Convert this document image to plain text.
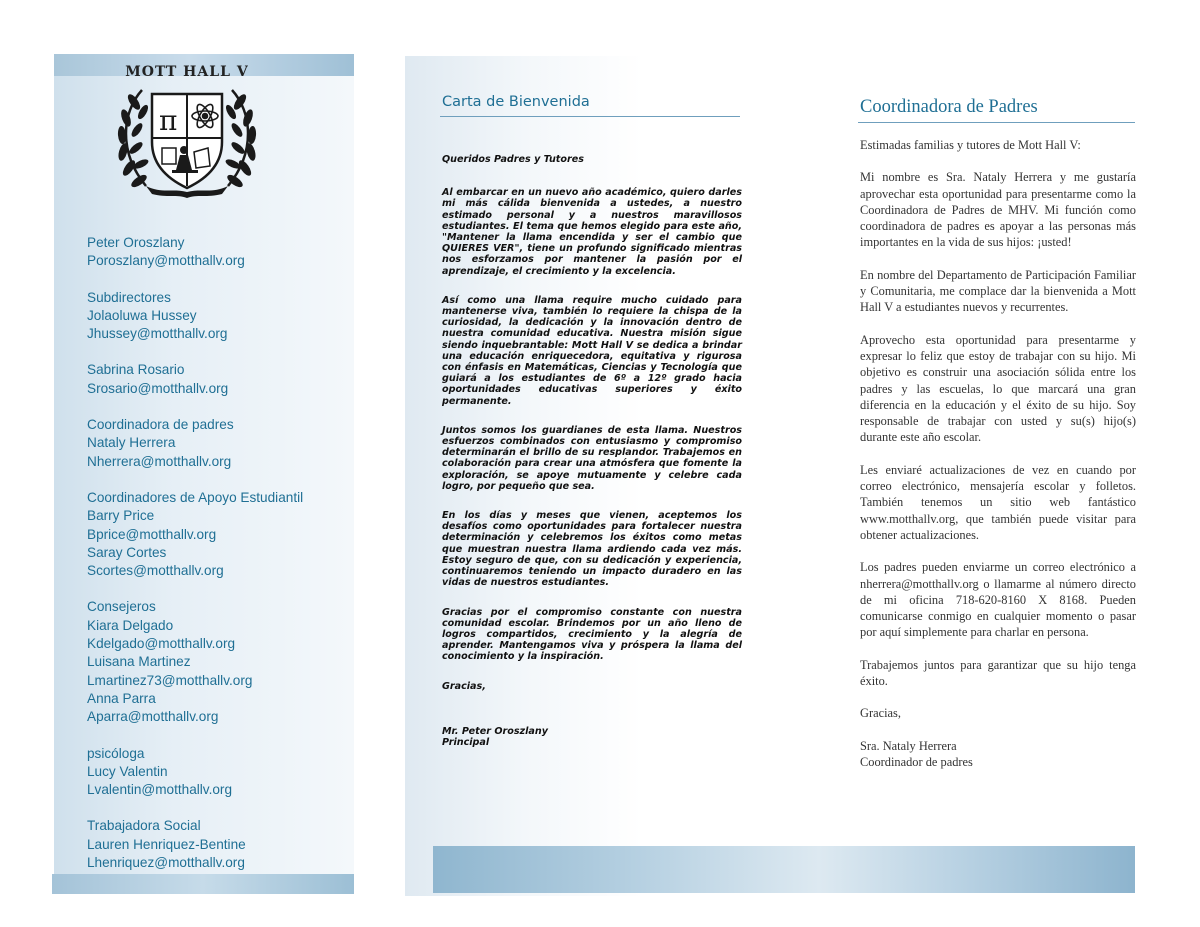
MOTT HALL V
π
Peter Oroszlany
Poroszlany@motthallv.org
Subdirectores
Jolaoluwa Hussey
Jhussey@motthallv.org
Sabrina Rosario
Srosario@motthallv.org
Coordinadora de padres
Nataly Herrera
Nherrera@motthallv.org
Coordinadores de Apoyo Estudiantil
Barry Price
Bprice@motthallv.org
Saray Cortes
Scortes@motthallv.org
Consejeros
Kiara Delgado
Kdelgado@motthallv.org
Luisana Martinez
Lmartinez73@motthallv.org
Anna Parra
Aparra@motthallv.org
psicóloga
Lucy Valentin
Lvalentin@motthallv.org
Trabajadora Social
Lauren Henriquez-Bentine
Lhenriquez@motthallv.org
Carta de Bienvenida

Queridos Padres y Tutores

Al embarcar en un nuevo año académico, quiero darles mi más cálida bienvenida a ustedes, a nuestro estimado personal y a nuestros maravillosos estudiantes. El tema que hemos elegido para este año, "Mantener la llama encendida y ser el cambio que QUIERES VER", tiene un profundo significado mientras nos esforzamos por mantener la pasión por el aprendizaje, el crecimiento y la excelencia.

Así como una llama require mucho cuidado para mantenerse viva, también lo requiere la chispa de la curiosidad, la dedicación y la innovación dentro de nuestra comunidad educativa. Nuestra misión sigue siendo inquebrantable: Mott Hall V se dedica a brindar una educación enriquecedora, equitativa y rigurosa con énfasis en Matemáticas, Ciencias y Tecnología que guiará a los estudiantes de 6º a 12º grado hacia oportunidades educativas superiores y éxito permanente.

Juntos somos los guardianes de esta llama. Nuestros esfuerzos combinados con entusiasmo y compromiso determinarán el brillo de su resplandor. Trabajemos en colaboración para crear una atmósfera que fomente la exploración, se apoye mutuamente y celebre cada logro, por pequeño que sea.

En los días y meses que vienen, aceptemos los desafíos como oportunidades para fortalecer nuestra determinación y celebremos los éxitos como metas que muestran nuestra llama ardiendo cada vez más. Estoy seguro de que, con su dedicación y experiencia, continuaremos teniendo un impacto duradero en las vidas de nuestros estudiantes.

Gracias por el compromiso constante con nuestra comunidad escolar. Brindemos por un año lleno de logros compartidos, crecimiento y la alegría de aprender. Mantengamos viva y próspera la llama del conocimiento y la inspiración.

Gracias,

Mr. Peter Oroszlany

Principal

Coordinadora de Padres

Estimadas familias y tutores de Mott Hall V:

Mi nombre es Sra. Nataly Herrera y me gustaría aprovechar esta oportunidad para presentarme como la Coordinadora de Padres de MHV. Mi función como coordinadora de padres es apoyar a las personas más importantes en la vida de sus hijos: ¡usted!

En nombre del Departamento de Participación Familiar y Comunitaria, me complace dar la bienvenida a Mott Hall V a estudiantes nuevos y recurrentes.

Aprovecho esta oportunidad para presentarme y expresar lo feliz que estoy de trabajar con su hijo. Mi objetivo es construir una asociación sólida entre los padres y las escuelas, lo que marcará una gran diferencia en la educación y el éxito de su hijo. Soy responsable de trabajar con usted y su(s) hijo(s) durante este año escolar.

Les enviaré actualizaciones de vez en cuando por correo electrónico, mensajería escolar y folletos. También tenemos un sitio web fantástico www.motthallv.org, que también puede visitar para obtener actualizaciones.

Los padres pueden enviarme un correo electrónico a nherrera@motthallv.org o llamarme al número directo de mi oficina 718-620-8160 X 8168. Pueden comunicarse conmigo en cualquier momento o pasar por aquí simplemente para charlar en persona.

Trabajemos juntos para garantizar que su hijo tenga éxito.

Gracias,

Sra. Nataly Herrera

Coordinador de padres
